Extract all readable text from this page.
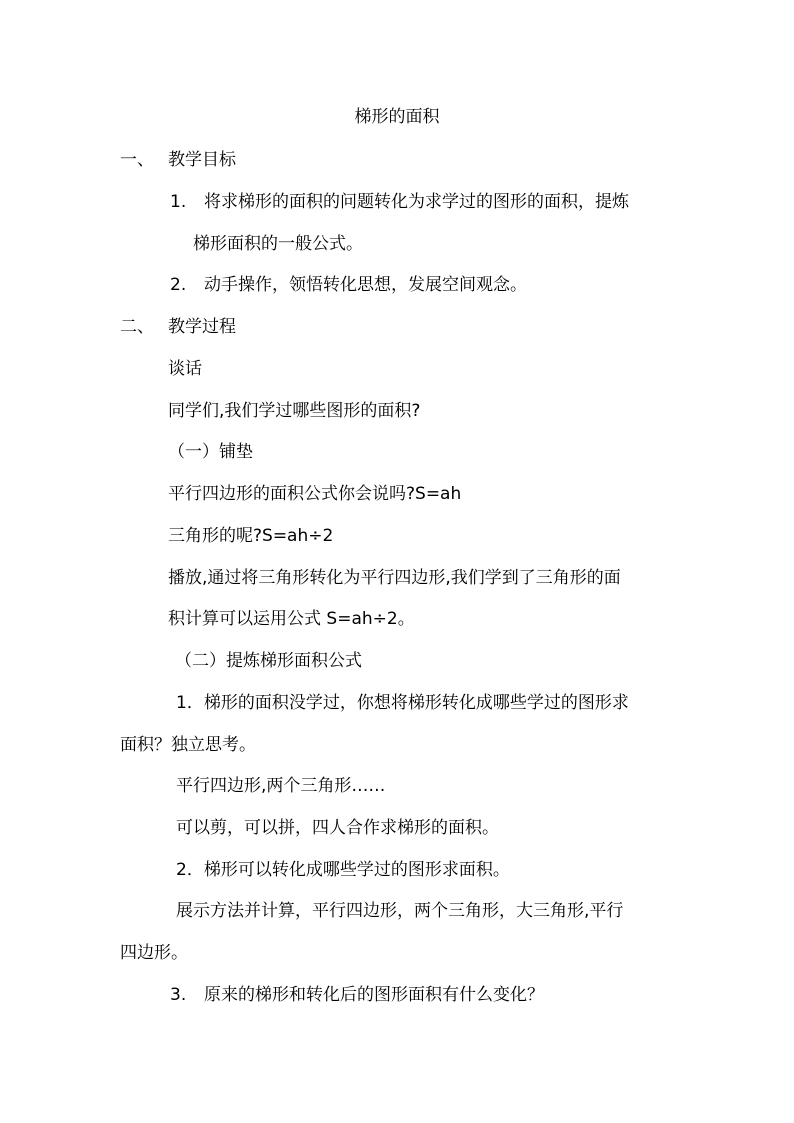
梯形的面积
一、 教学目标
1. 将求梯形的面积的问题转化为求学过的图形的面积，提炼
梯形面积的一般公式。
2. 动手操作，领悟转化思想，发展空间观念。
二、 教学过程
谈话
同学们,我们学过哪些图形的面积?
（一）铺垫
平行四边形的面积公式你会说吗?S=ah
三角形的呢?S=ah÷2
播放,通过将三角形转化为平行四边形,我们学到了三角形的面
积计算可以运用公式 S=ah÷2。
（二）提炼梯形面积公式
1．梯形的面积没学过，你想将梯形转化成哪些学过的图形求
面积？独立思考。
平行四边形,两个三角形……
可以剪，可以拼，四人合作求梯形的面积。
2．梯形可以转化成哪些学过的图形求面积。
展示方法并计算，平行四边形，两个三角形，大三角形,平行
四边形。
3. 原来的梯形和转化后的图形面积有什么变化？
